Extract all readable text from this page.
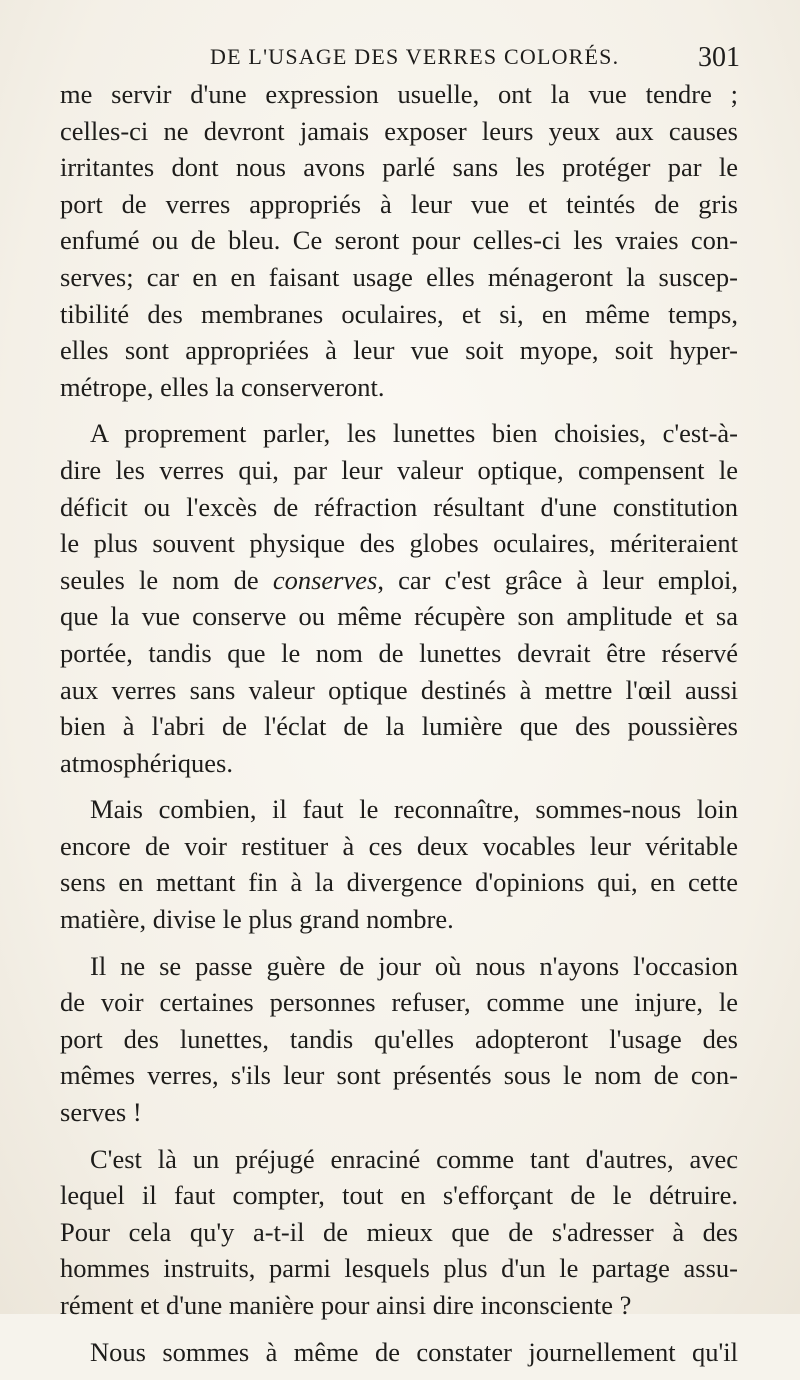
DE L'USAGE DES VERRES COLORÉS.	301
me servir d'une expression usuelle, ont la vue tendre ;
celles-ci ne devront jamais exposer leurs yeux aux causes
irritantes dont nous avons parlé sans les protéger par le
port de verres appropriés à leur vue et teintés de gris
enfumé ou de bleu. Ce seront pour celles-ci les vraies con-
serves; car en en faisant usage elles ménageront la suscep-
tibilité des membranes oculaires, et si, en même temps,
elles sont appropriées à leur vue soit myope, soit hyper-
métrope, elles la conserveront.
A proprement parler, les lunettes bien choisies, c'est-à-
dire les verres qui, par leur valeur optique, compensent le
déficit ou l'excès de réfraction résultant d'une constitution
le plus souvent physique des globes oculaires, mériteraient
seules le nom de conserves, car c'est grâce à leur emploi,
que la vue conserve ou même récupère son amplitude et sa
portée, tandis que le nom de lunettes devrait être réservé
aux verres sans valeur optique destinés à mettre l'œil aussi
bien à l'abri de l'éclat de la lumière que des poussières
atmosphériques.
Mais combien, il faut le reconnaître, sommes-nous loin
encore de voir restituer à ces deux vocables leur véritable
sens en mettant fin à la divergence d'opinions qui, en cette
matière, divise le plus grand nombre.
Il ne se passe guère de jour où nous n'ayons l'occasion
de voir certaines personnes refuser, comme une injure, le
port des lunettes, tandis qu'elles adopteront l'usage des
mêmes verres, s'ils leur sont présentés sous le nom de con-
serves !
C'est là un préjugé enraciné comme tant d'autres, avec
lequel il faut compter, tout en s'efforçant de le détruire.
Pour cela qu'y a-t-il de mieux que de s'adresser à des
hommes instruits, parmi lesquels plus d'un le partage assu-
rément et d'une manière pour ainsi dire inconsciente ?
Nous sommes à même de constater journellement qu'il
